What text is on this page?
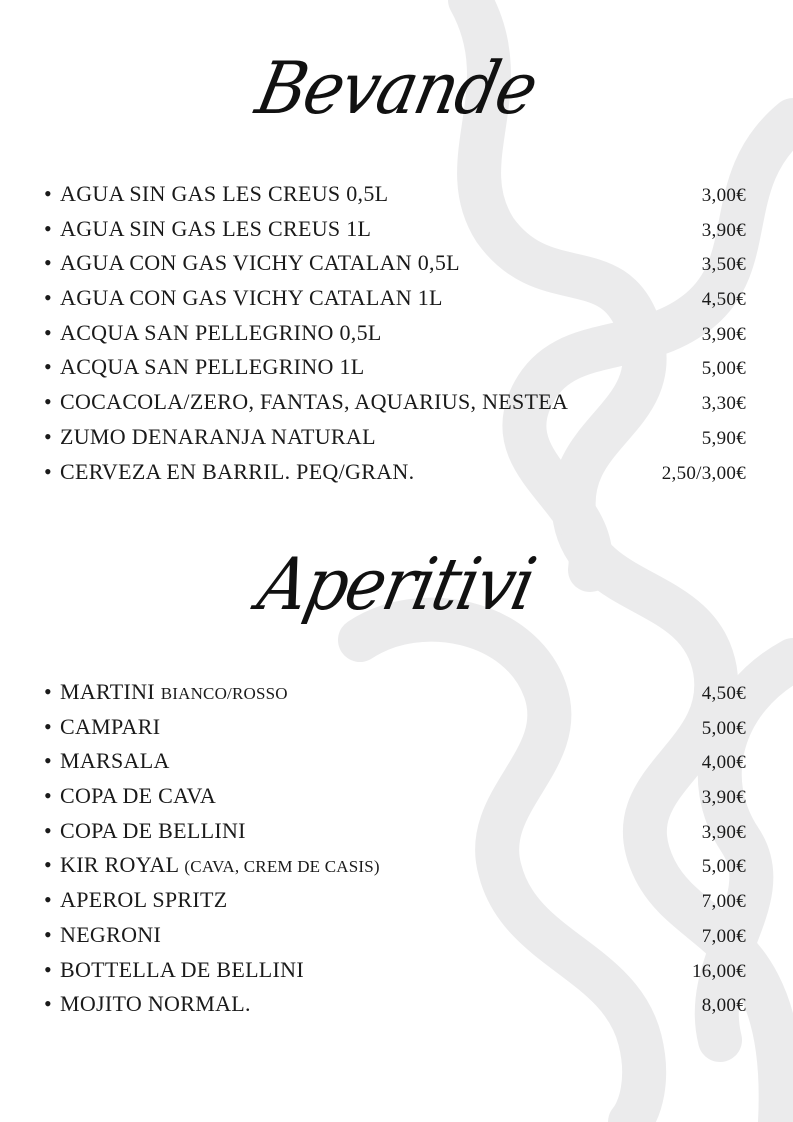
Bevande
• AGUA SIN GAS LES CREUS 0,5L	3,00€
• AGUA SIN GAS LES CREUS 1L	3,90€
• AGUA CON GAS VICHY CATALAN 0,5L	3,50€
• AGUA CON GAS VICHY CATALAN 1L	4,50€
• ACQUA SAN PELLEGRINO 0,5L	3,90€
• ACQUA SAN PELLEGRINO 1L	5,00€
• COCACOLA/ZERO, FANTAS, AQUARIUS, NESTEA	3,30€
• ZUMO DENARANJA NATURAL	5,90€
• CERVEZA EN BARRIL. PEQ/GRAN.	2,50/3,00€
Aperitivi
• MARTINI BIANCO/ROSSO	4,50€
• CAMPARI	5,00€
• MARSALA	4,00€
• COPA DE CAVA	3,90€
• COPA DE BELLINI	3,90€
• KIR ROYAL (CAVA, CREM DE CASIS)	5,00€
• APEROL SPRITZ	7,00€
• NEGRONI	7,00€
• BOTTELLA DE BELLINI	16,00€
• MOJITO NORMAL.	8,00€
